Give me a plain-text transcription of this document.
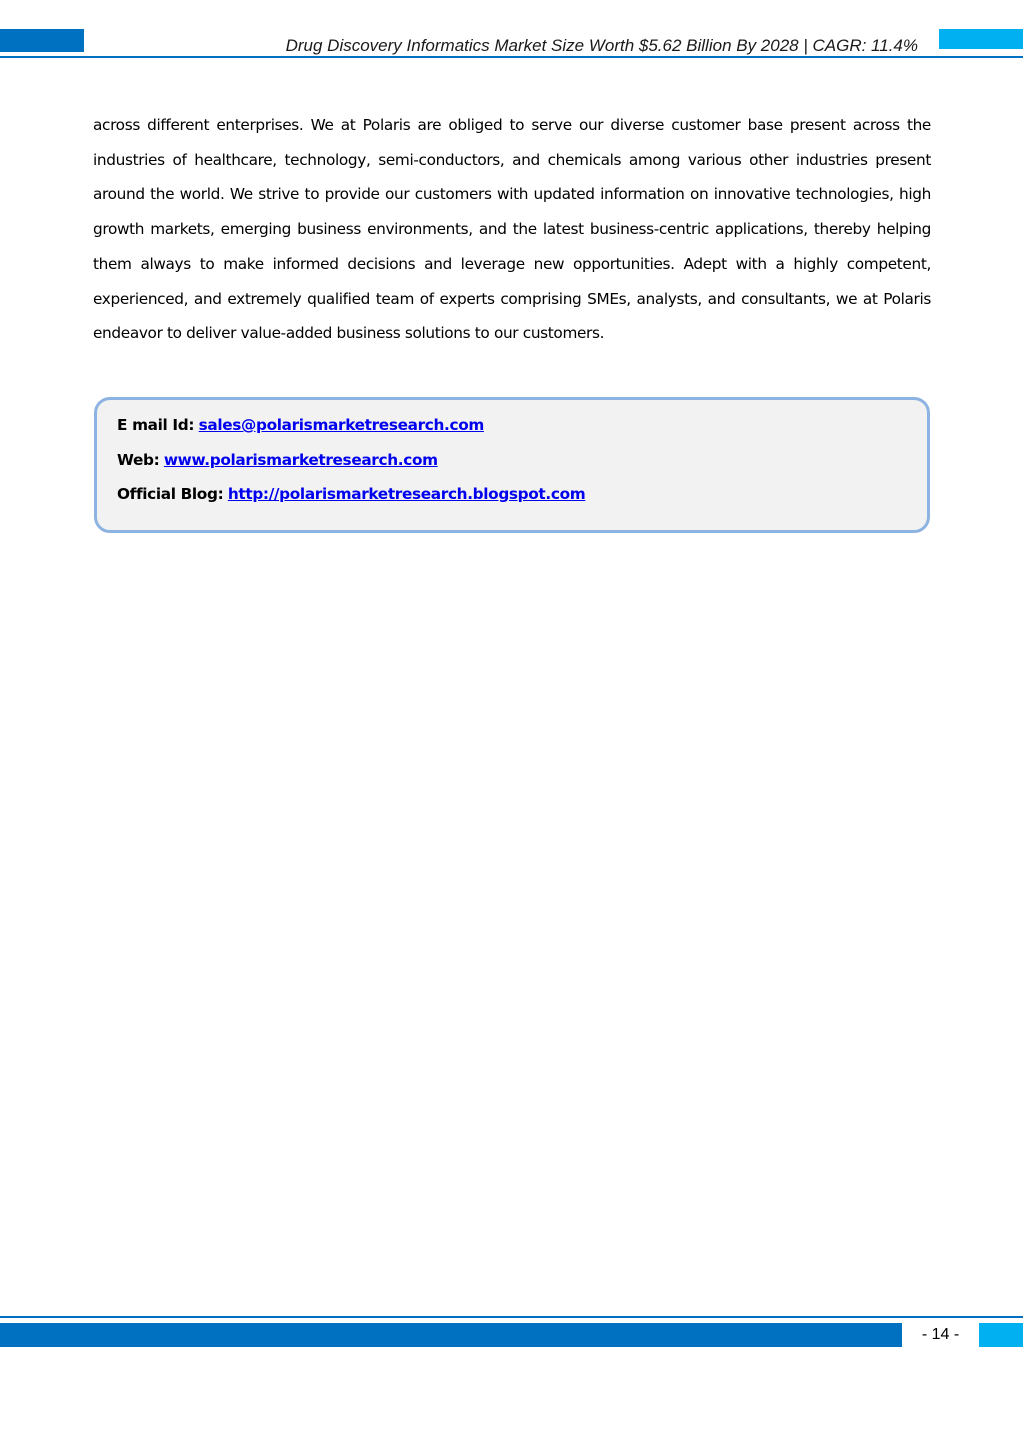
Drug Discovery Informatics Market Size Worth $5.62 Billion By 2028 | CAGR: 11.4%

across different enterprises. We at Polaris are obliged to serve our diverse customer base present across the industries of healthcare, technology, semi-conductors, and chemicals among various other industries present around the world. We strive to provide our customers with updated information on innovative technologies, high growth markets, emerging business environments, and the latest business-centric applications, thereby helping them always to make informed decisions and leverage new opportunities. Adept with a highly competent, experienced, and extremely qualified team of experts comprising SMEs, analysts, and consultants, we at Polaris endeavor to deliver value-added business solutions to our customers.

E mail Id: sales@polarismarketresearch.com
Web: www.polarismarketresearch.com
Official Blog: http://polarismarketresearch.blogspot.com
- 14 -
